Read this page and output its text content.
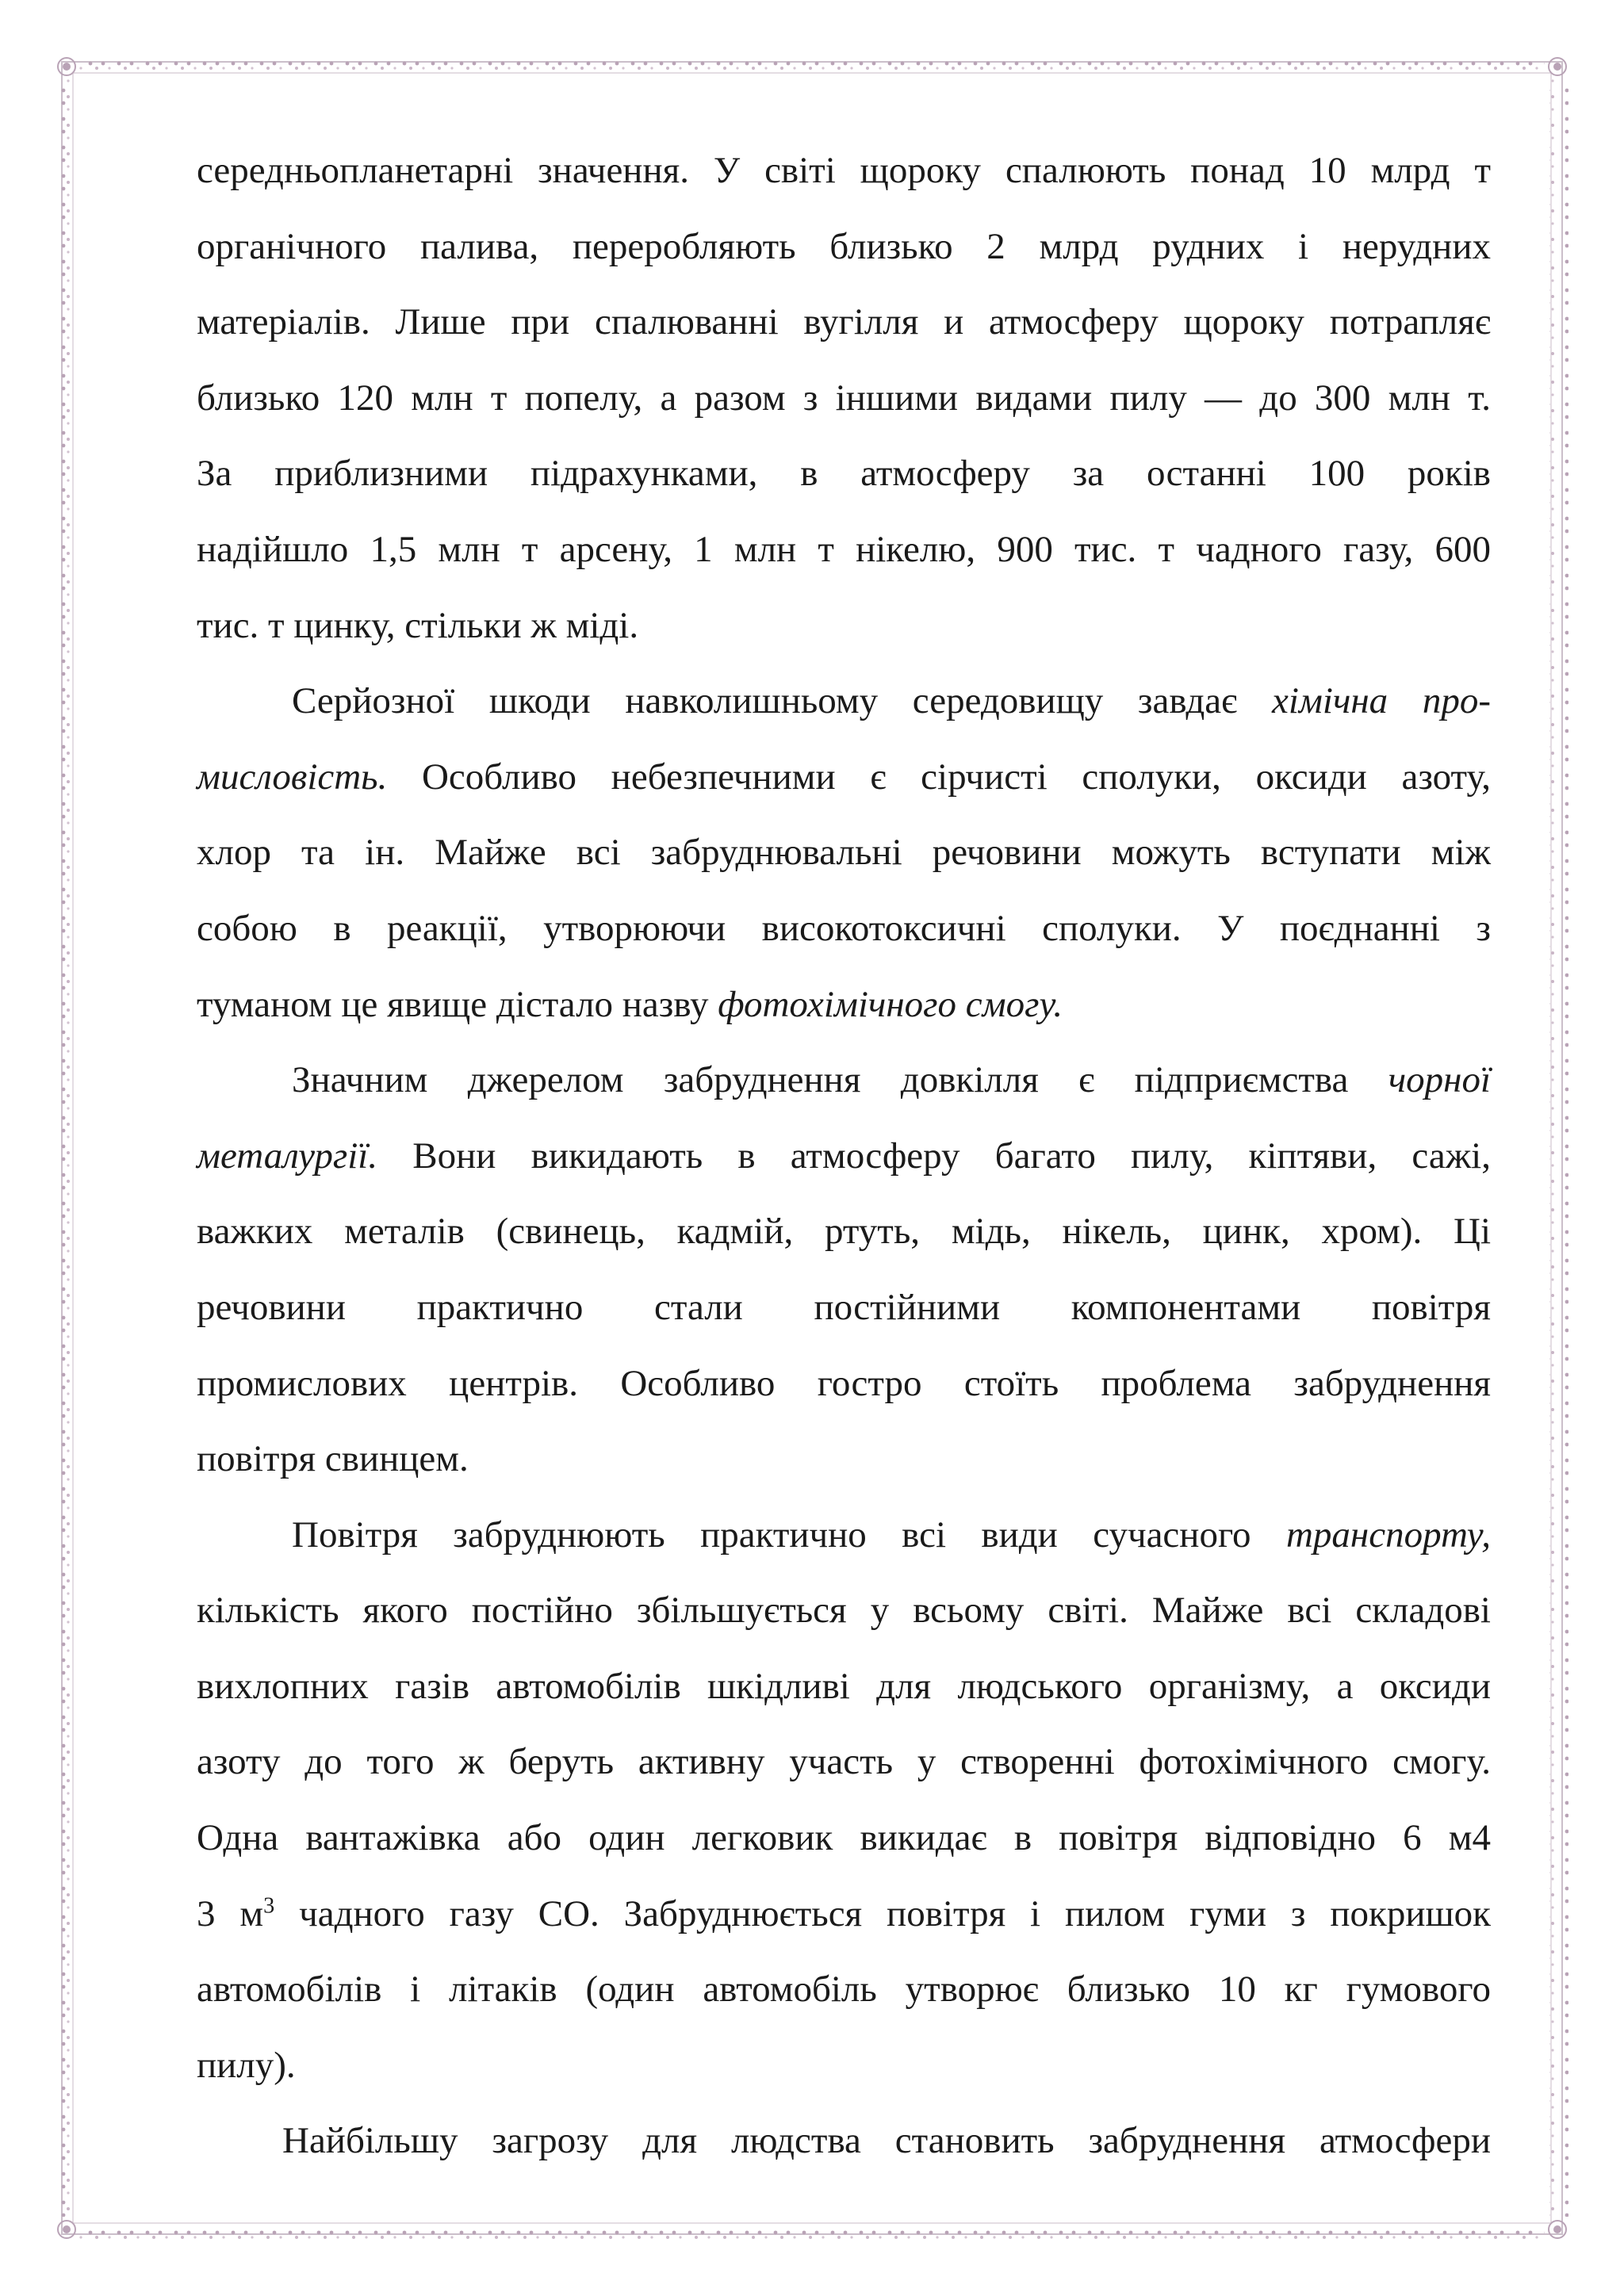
середньопланетарні значення. У світі щороку спалюють понад 10 млрд т
органічного палива, переробляють близько 2 млрд рудних і нерудних
матеріалів. Лише при спалюванні вугілля и атмосферу щороку потрапляє
близько 120 млн т попелу, а разом з іншими видами пилу — до 300 млн т.
За приблизними підрахунками, в атмосферу за останні 100 років
надійшло 1,5 млн т арсену, 1 млн т нікелю, 900 тис. т чадного газу, 600
тис. т цинку, стільки ж міді.

Серйозної шкоди навколишньому середовищу завдає хімічна про-
мисловість. Особливо небезпечними є сірчисті сполуки, оксиди азоту,
хлор та ін. Майже всі забруднювальні речовини можуть вступати між
собою в реакції, утворюючи високотоксичні сполуки. У поєднанні з
туманом це явище дістало назву фотохімічного смогу.

Значним джерелом забруднення довкілля є підприємства чорної
металургії. Вони викидають в атмосферу багато пилу, кіптяви, сажі,
важких металів (свинець, кадмій, ртуть, мідь, нікель, цинк, хром). Ці
речовини практично стали постійними компонентами повітря
промислових центрів. Особливо гостро стоїть проблема забруднення
повітря свинцем.

Повітря забруднюють практично всі види сучасного транспорту,
кількість якого постійно збільшується у всьому світі. Майже всі складові
вихлопних газів автомобілів шкідливі для людського організму, а оксиди
азоту до того ж беруть активну участь у створенні фотохімічного смогу.
Одна вантажівка або один легковик викидає в повітря відповідно 6 м4
3 $м^3$ чадного газу СО. Забруднюється повітря і пилом гуми з покришок
автомобілів і літаків (один автомобіль утворює близько 10 кг гумового
пилу).

Найбільшу загрозу для людства становить забруднення атмосфери
